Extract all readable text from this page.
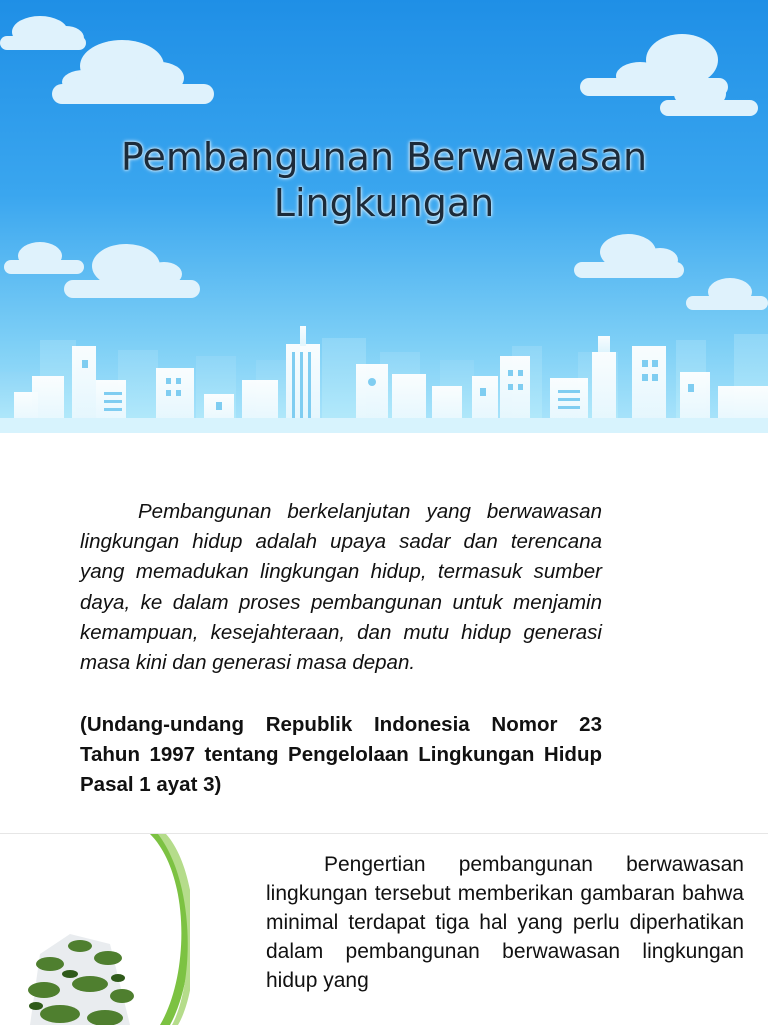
Pembangunan Berwawasan
Lingkungan

Pembangunan berkelanjutan yang berwawasan lingkungan hidup adalah upaya sadar dan terencana yang memadukan lingkungan hidup, termasuk sumber daya, ke dalam proses pembangunan untuk menjamin kemampuan, kesejahteraan, dan mutu hidup generasi masa kini dan generasi masa depan.

(Undang-undang Republik Indonesia Nomor 23 Tahun 1997 tentang Pengelolaan Lingkungan Hidup Pasal 1 ayat 3)

Pengertian pembangunan berwawasan lingkungan tersebut memberikan gambaran bahwa minimal terdapat tiga hal yang perlu diperhatikan dalam pembangunan berwawasan lingkungan hidup yang
